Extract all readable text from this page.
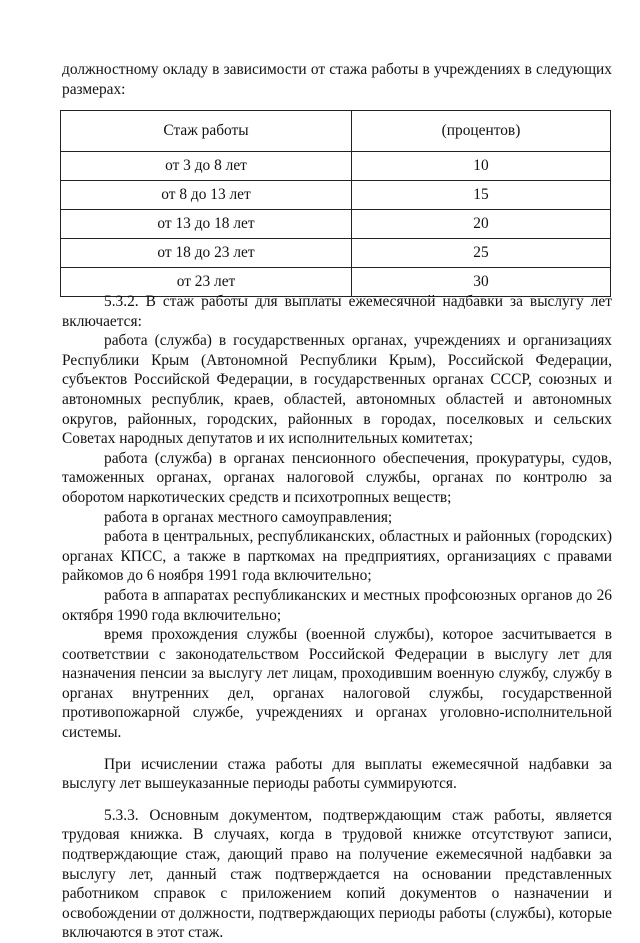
должностному окладу в зависимости от стажа работы в учреждениях в следующих размерах:

Стаж работы	(процентов)
от 3 до 8 лет	10
от 8 до 13 лет	15
от 13 до 18 лет	20
от 18 до 23 лет	25
от 23 лет	30

5.3.2. В стаж работы для выплаты ежемесячной надбавки за выслугу лет включается:

работа (служба) в государственных органах, учреждениях и организациях Республики Крым (Автономной Республики Крым), Российской Федерации, субъектов Российской Федерации, в государственных органах СССР, союзных и автономных республик, краев, областей, автономных областей и автономных округов, районных, городских, районных в городах, поселковых и сельских Советах народных депутатов и их исполнительных комитетах;

работа (служба) в органах пенсионного обеспечения, прокуратуры, судов, таможенных органах, органах налоговой службы, органах по контролю за оборотом наркотических средств и психотропных веществ;

работа в органах местного самоуправления;

работа в центральных, республиканских, областных и районных (городских) органах КПСС, а также в парткомах на предприятиях, организациях с правами райкомов до 6 ноября 1991 года включительно;

работа в аппаратах республиканских и местных профсоюзных органов до 26 октября 1990 года включительно;

время прохождения службы (военной службы), которое засчитывается в соответствии с законодательством Российской Федерации в выслугу лет для назначения пенсии за выслугу лет лицам, проходившим военную службу, службу в органах внутренних дел, органах налоговой службы, государственной противопожарной службе, учреждениях и органах уголовно-исполнительной системы.

При исчислении стажа работы для выплаты ежемесячной надбавки за выслугу лет вышеуказанные периоды работы суммируются.

5.3.3. Основным документом, подтверждающим стаж работы, является трудовая книжка. В случаях, когда в трудовой книжке отсутствуют записи, подтверждающие стаж, дающий право на получение ежемесячной надбавки за выслугу лет, данный стаж подтверждается на основании представленных работником справок с приложением копий документов о назначении и освобождении от должности, подтверждающих периоды работы (службы), которые включаются в этот стаж.
